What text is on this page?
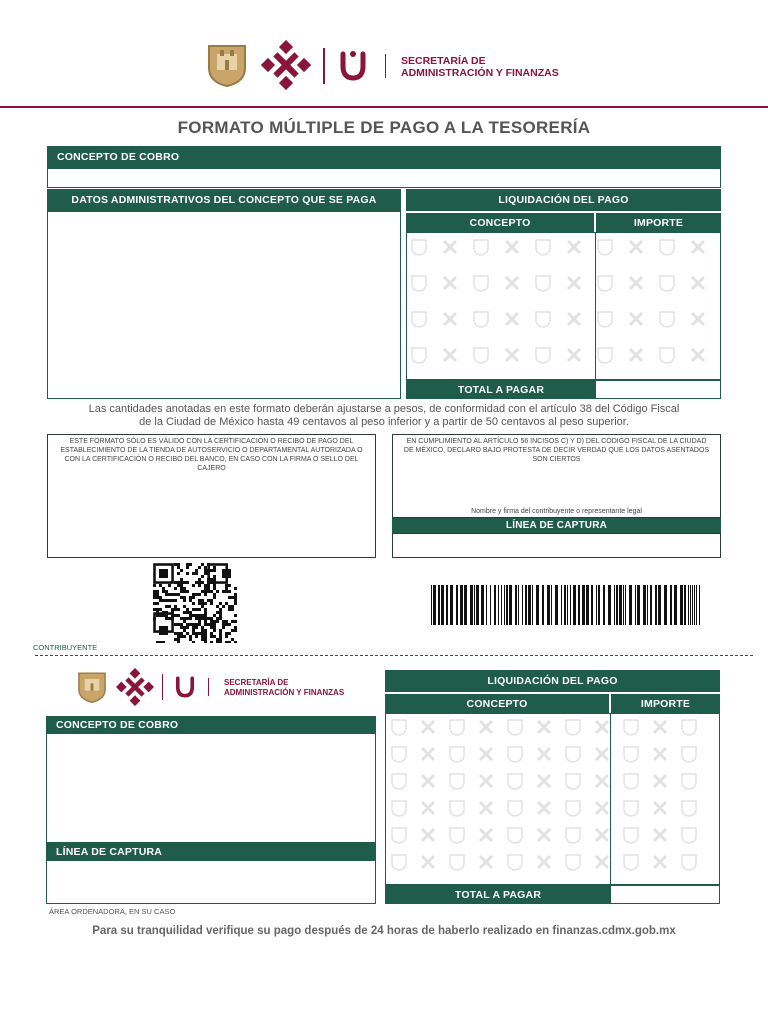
SECRETARÍA DE
ADMINISTRACIÓN Y FINANZAS
FORMATO MÚLTIPLE DE PAGO A LA TESORERÍA
CONCEPTO DE COBRO
DATOS ADMINISTRATIVOS DEL CONCEPTO QUE SE PAGA	LIQUIDACIÓN DEL PAGO
CONCEPTO	IMPORTE
TOTAL A PAGAR
Las cantidades anotadas en este formato deberán ajustarse a pesos, de conformidad con el artículo 38 del Código Fiscal
de la Ciudad de México hasta 49 centavos al peso inferior y a partir de 50 centavos al peso superior.
ESTE FORMATO SÓLO ES VÁLIDO CON LA CERTIFICACIÓN O RECIBO DE PAGO DEL ESTABLECIMIENTO DE LA TIENDA DE AUTOSERVICIO O DEPARTAMENTAL AUTORIZADA O CON LA CERTIFICACIÓN O RECIBO DEL BANCO, EN CASO CON LA FIRMA O SELLO DEL CAJERO
EN CUMPLIMIENTO AL ARTÍCULO 56 INCISOS C) Y D) DEL CÓDIGO FISCAL DE LA CIUDAD DE MÉXICO, DECLARO BAJO PROTESTA DE DECIR VERDAD QUE LOS DATOS ASENTADOS SON CIERTOS
Nombre y firma del contribuyente o representante legal
LÍNEA DE CAPTURA
CONTRIBUYENTE
SECRETARÍA DE
ADMINISTRACIÓN Y FINANZAS
LIQUIDACIÓN DEL PAGO
CONCEPTO	IMPORTE
TOTAL A PAGAR
CONCEPTO DE COBRO
LÍNEA DE CAPTURA
ÁREA ORDENADORA, EN SU CASO
Para su tranquilidad verifique su pago después de 24 horas de haberlo realizado en finanzas.cdmx.gob.mx
